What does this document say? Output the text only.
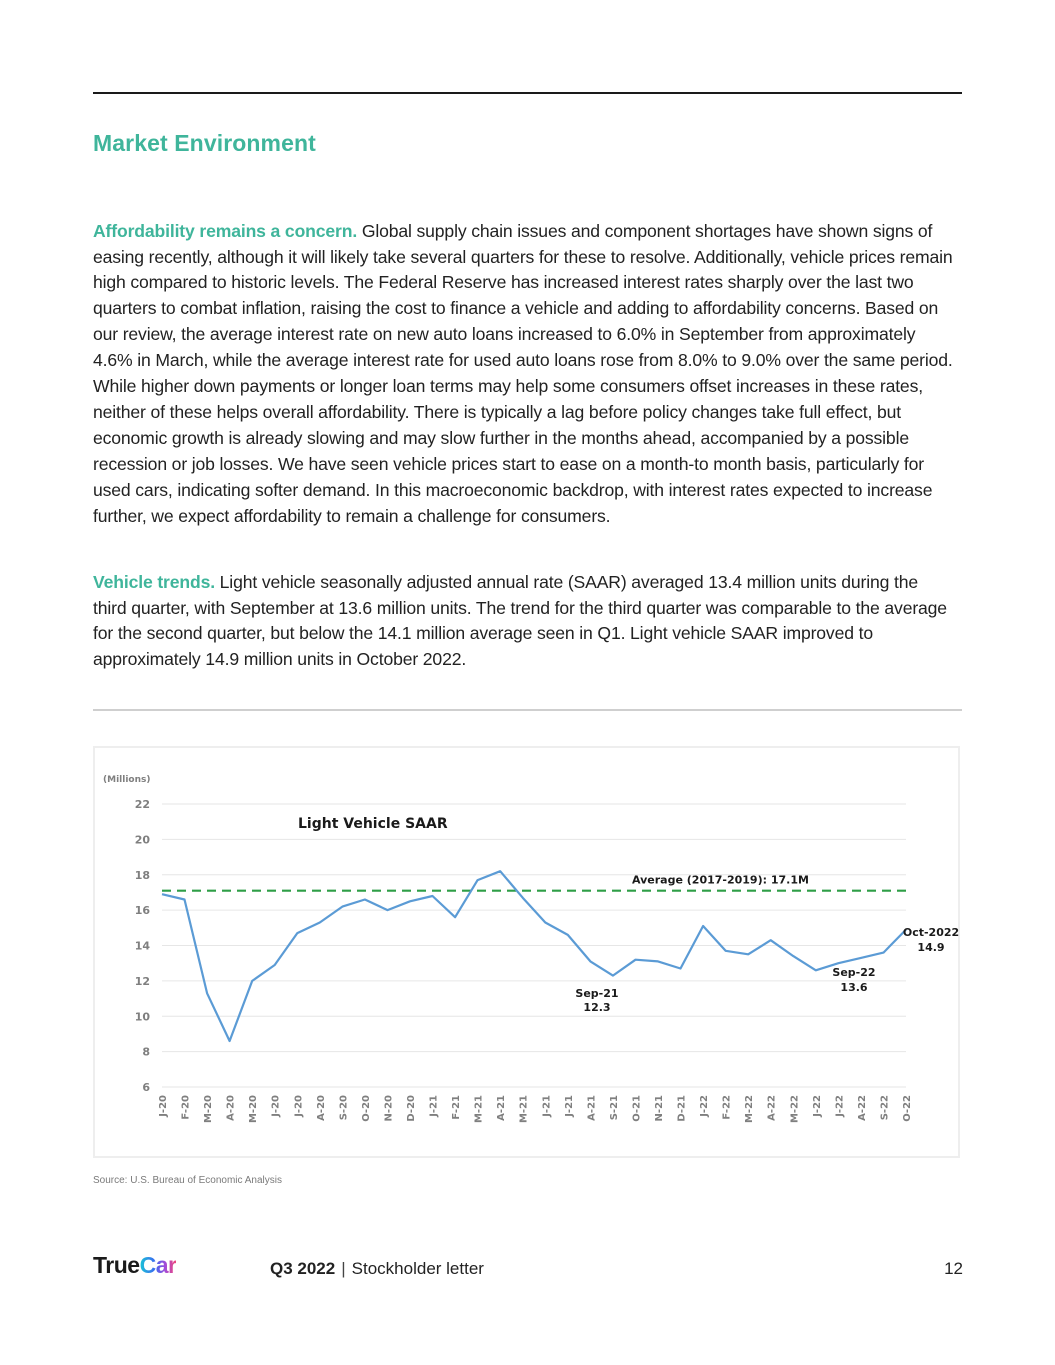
Market Environment

Affordability remains a concern. Global supply chain issues and component shortages have shown signs of easing recently, although it will likely take several quarters for these to resolve. Additionally, vehicle prices remain high compared to historic levels. The Federal Reserve has increased interest rates sharply over the last two quarters to combat inflation, raising the cost to finance a vehicle and adding to affordability concerns. Based on our review, the average interest rate on new auto loans increased to 6.0% in September from approximately 4.6% in March, while the average interest rate for used auto loans rose from 8.0% to 9.0% over the same period. While higher down payments or longer loan terms may help some consumers offset increases in these rates, neither of these helps overall affordability. There is typically a lag before policy changes take full effect, but economic growth is already slowing and may slow further in the months ahead, accompanied by a possible recession or job losses. We have seen vehicle prices start to ease on a month-to month basis, particularly for used cars, indicating softer demand. In this macroeconomic backdrop, with interest rates expected to increase further, we expect affordability to remain a challenge for consumers.

Vehicle trends. Light vehicle seasonally adjusted annual rate (SAAR) averaged 13.4 million units during the third quarter, with September at 13.6 million units. The trend for the third quarter was comparable to the average for the second quarter, but below the 14.1 million average seen in Q1. Light vehicle SAAR improved to approximately 14.9 million units in October 2022.

(Millions)
6
8
10
12
14
16
18
20
22
J-20 F-20 M-20 A-20 M-20 J-20 J-20 A-20 S-20 O-20 N-20 D-20 J-21 F-21 M-21 A-21 M-21 J-21 J-21 A-21 S-21 O-21 N-21 D-21 J-22 F-22 M-22 A-22 M-22 J-22 J-22 A-22 S-22 O-22
Light Vehicle SAAR
Average (2017-2019): 17.1M
Sep-21
12.3
Sep-22
13.6
Oct-2022
14.9
Source: U.S. Bureau of Economic Analysis
TrueCar	Q3 2022 | Stockholder letter	12
